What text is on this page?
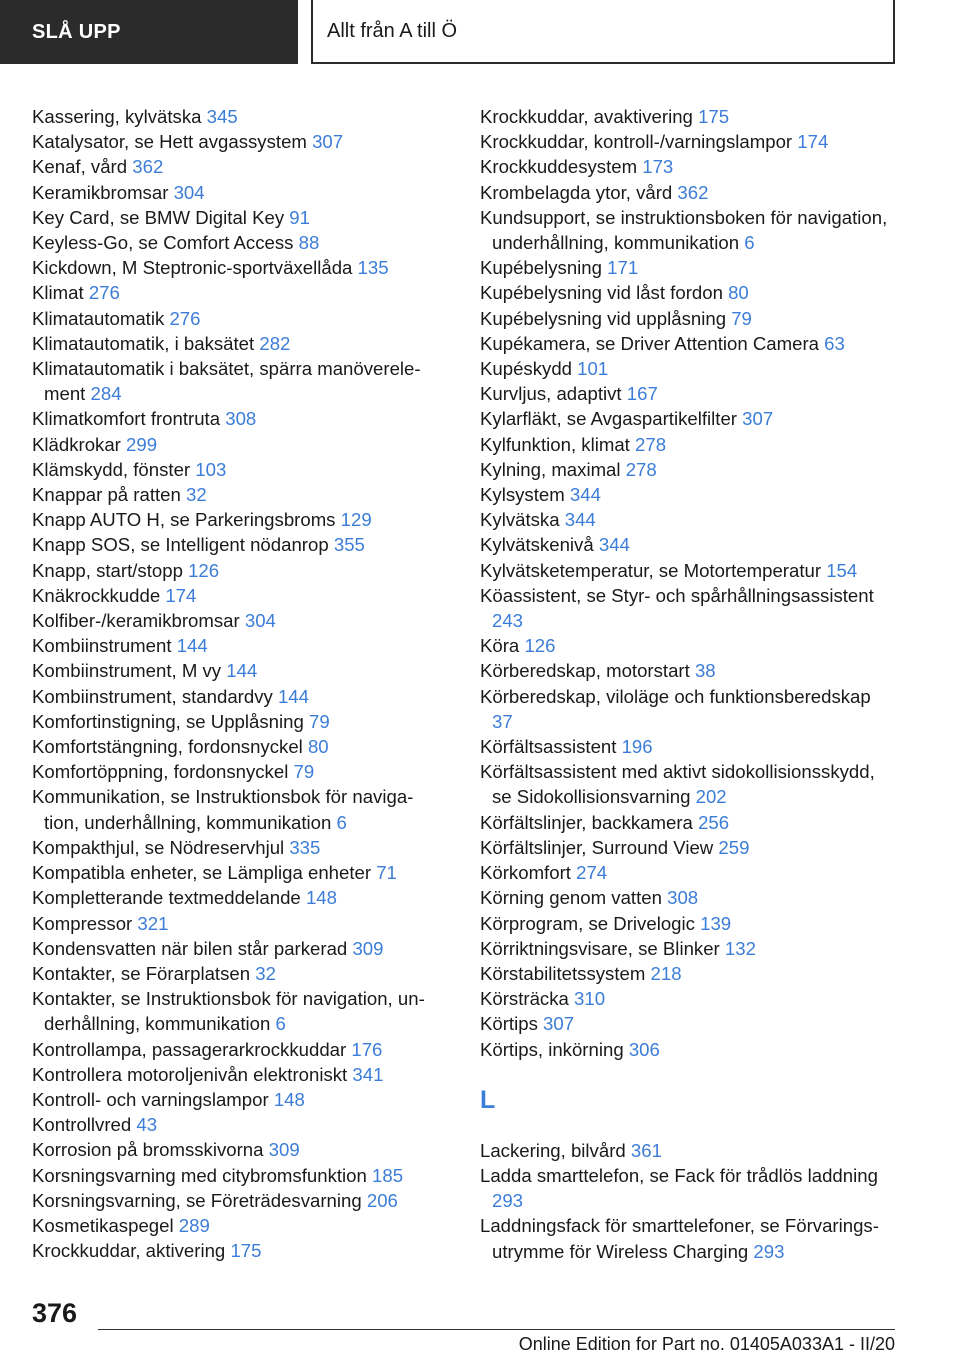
SLÅ UPP	Allt från A till Ö
Kassering, kylvätska 345
Katalysator, se Hett avgassystem 307
Kenaf, vård 362
Keramikbromsar 304
Key Card, se BMW Digital Key 91
Keyless-Go, se Comfort Access 88
Kickdown, M Steptronic-sportväxellåda 135
Klimat 276
Klimatautomatik 276
Klimatautomatik, i baksätet 282
Klimatautomatik i baksätet, spärra manöverelement 284
Klimatkomfort frontruta 308
Klädkrokar 299
Klämskydd, fönster 103
Knappar på ratten 32
Knapp AUTO H, se Parkeringsbroms 129
Knapp SOS, se Intelligent nödanrop 355
Knapp, start/stopp 126
Knäkrockkudde 174
Kolfiber-/keramikbromsar 304
Kombiinstrument 144
Kombiinstrument, M vy 144
Kombiinstrument, standardvy 144
Komfortinstigning, se Upplåsning 79
Komfortstängning, fordonsnyckel 80
Komfortöppning, fordonsnyckel 79
Kommunikation, se Instruktionsbok för navigation, underhållning, kommunikation 6
Kompakthjul, se Nödreservhjul 335
Kompatibla enheter, se Lämpliga enheter 71
Kompletterande textmeddelande 148
Kompressor 321
Kondensvatten när bilen står parkerad 309
Kontakter, se Förarplatsen 32
Kontakter, se Instruktionsbok för navigation, underhållning, kommunikation 6
Kontrollampa, passagerarkrockkuddar 176
Kontrollera motoroljenivån elektroniskt 341
Kontroll- och varningslampor 148
Kontrollvred 43
Korrosion på bromsskivorna 309
Korsningsvarning med citybromsfunktion 185
Korsningsvarning, se Företrädesvarning 206
Kosmetikaspegel 289
Krockkuddar, aktivering 175
Krockkuddar, avaktivering 175
Krockkuddar, kontroll-/varningslampor 174
Krockkuddesystem 173
Krombelagda ytor, vård 362
Kundsupport, se instruktionsboken för navigation, underhållning, kommunikation 6
Kupébelysning 171
Kupébelysning vid låst fordon 80
Kupébelysning vid upplåsning 79
Kupékamera, se Driver Attention Camera 63
Kupéskydd 101
Kurvljus, adaptivt 167
Kylarfläkt, se Avgaspartikelfilter 307
Kylfunktion, klimat 278
Kylning, maximal 278
Kylsystem 344
Kylvätska 344
Kylvätskenivå 344
Kylvätsketemperatur, se Motortemperatur 154
Köassistent, se Styr- och spårhållningsassistent 243
Köra 126
Körberedskap, motorstart 38
Körberedskap, viloläge och funktionsberedskap 37
Körfältsassistent 196
Körfältsassistent med aktivt sidokollisionsskydd, se Sidokollisionsvarning 202
Körfältslinjer, backkamera 256
Körfältslinjer, Surround View 259
Körkomfort 274
Körning genom vatten 308
Körprogram, se Drivelogic 139
Körriktningsvisare, se Blinker 132
Körstabilitetssystem 218
Körsträcka 310
Körtips 307
Körtips, inkörning 306
L
Lackering, bilvård 361
Ladda smarttelefon, se Fack för trådlös laddning 293
Laddningsfack för smarttelefoner, se Förvaringsutrymme för Wireless Charging 293
376
Online Edition for Part no. 01405A033A1 - II/20
